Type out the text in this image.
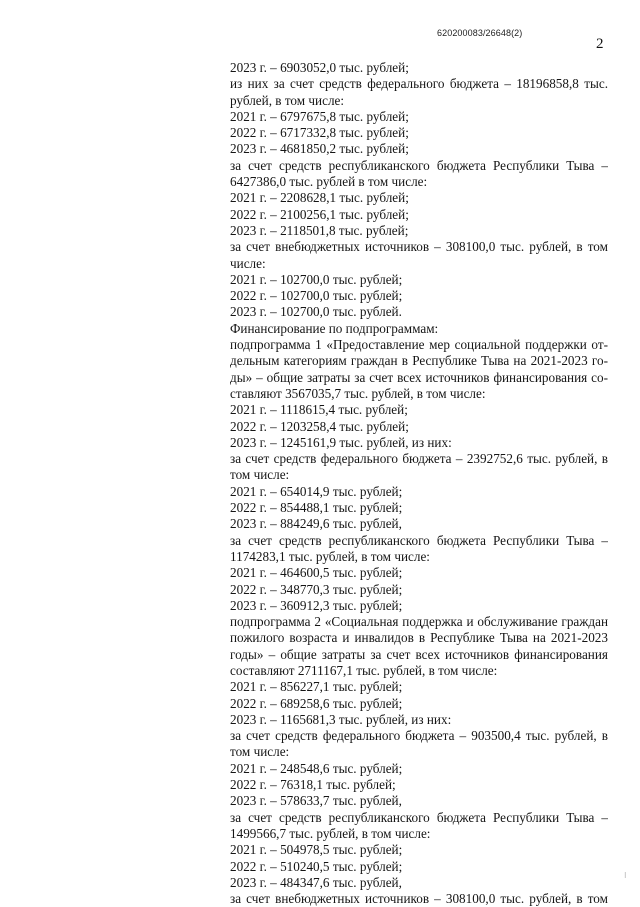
620200083/26648(2)
2
2023 г. – 6903052,0 тыс. рублей;
из них за счет средств федерального бюджета – 18196858,8 тыс.
рублей, в том числе:
2021 г. – 6797675,8 тыс. рублей;
2022 г. – 6717332,8 тыс. рублей;
2023 г. – 4681850,2 тыс. рублей;
за счет средств республиканского бюджета Республики Тыва –
6427386,0 тыс. рублей в том числе:
2021 г. – 2208628,1 тыс. рублей;
2022 г. – 2100256,1 тыс. рублей;
2023 г. – 2118501,8 тыс. рублей;
за счет внебюджетных источников – 308100,0 тыс. рублей, в том
числе:
2021 г. – 102700,0 тыс. рублей;
2022 г. – 102700,0 тыс. рублей;
2023 г. – 102700,0 тыс. рублей.
Финансирование по подпрограммам:
подпрограмма 1 «Предоставление мер социальной поддержки от-
дельным категориям граждан в Республике Тыва на 2021-2023 го-
ды» – общие затраты за счет всех источников финансирования со-
ставляют 3567035,7 тыс. рублей, в том числе:
2021 г. – 1118615,4 тыс. рублей;
2022 г. – 1203258,4 тыс. рублей;
2023 г. – 1245161,9 тыс. рублей, из них:
за счет средств федерального бюджета – 2392752,6 тыс. рублей, в
том числе:
2021 г. – 654014,9 тыс. рублей;
2022 г. – 854488,1 тыс. рублей;
2023 г. – 884249,6 тыс. рублей,
за счет средств республиканского бюджета Республики Тыва –
1174283,1 тыс. рублей, в том числе:
2021 г. – 464600,5 тыс. рублей;
2022 г. – 348770,3 тыс. рублей;
2023 г. – 360912,3 тыс. рублей;
подпрограмма 2 «Социальная поддержка и обслуживание граждан
пожилого возраста и инвалидов в Республике Тыва на 2021-2023
годы» – общие затраты за счет всех источников финансирования
составляют 2711167,1 тыс. рублей, в том числе:
2021 г. – 856227,1 тыс. рублей;
2022 г. – 689258,6 тыс. рублей;
2023 г. – 1165681,3 тыс. рублей, из них:
за счет средств федерального бюджета – 903500,4 тыс. рублей, в
том числе:
2021 г. – 248548,6 тыс. рублей;
2022 г. – 76318,1 тыс. рублей;
2023 г. – 578633,7 тыс. рублей,
за счет средств республиканского бюджета Республики Тыва –
1499566,7 тыс. рублей, в том числе:
2021 г. – 504978,5 тыс. рублей;
2022 г. – 510240,5 тыс. рублей;
2023 г. – 484347,6 тыс. рублей,
за счет внебюджетных источников – 308100,0 тыс. рублей, в том
⁝
